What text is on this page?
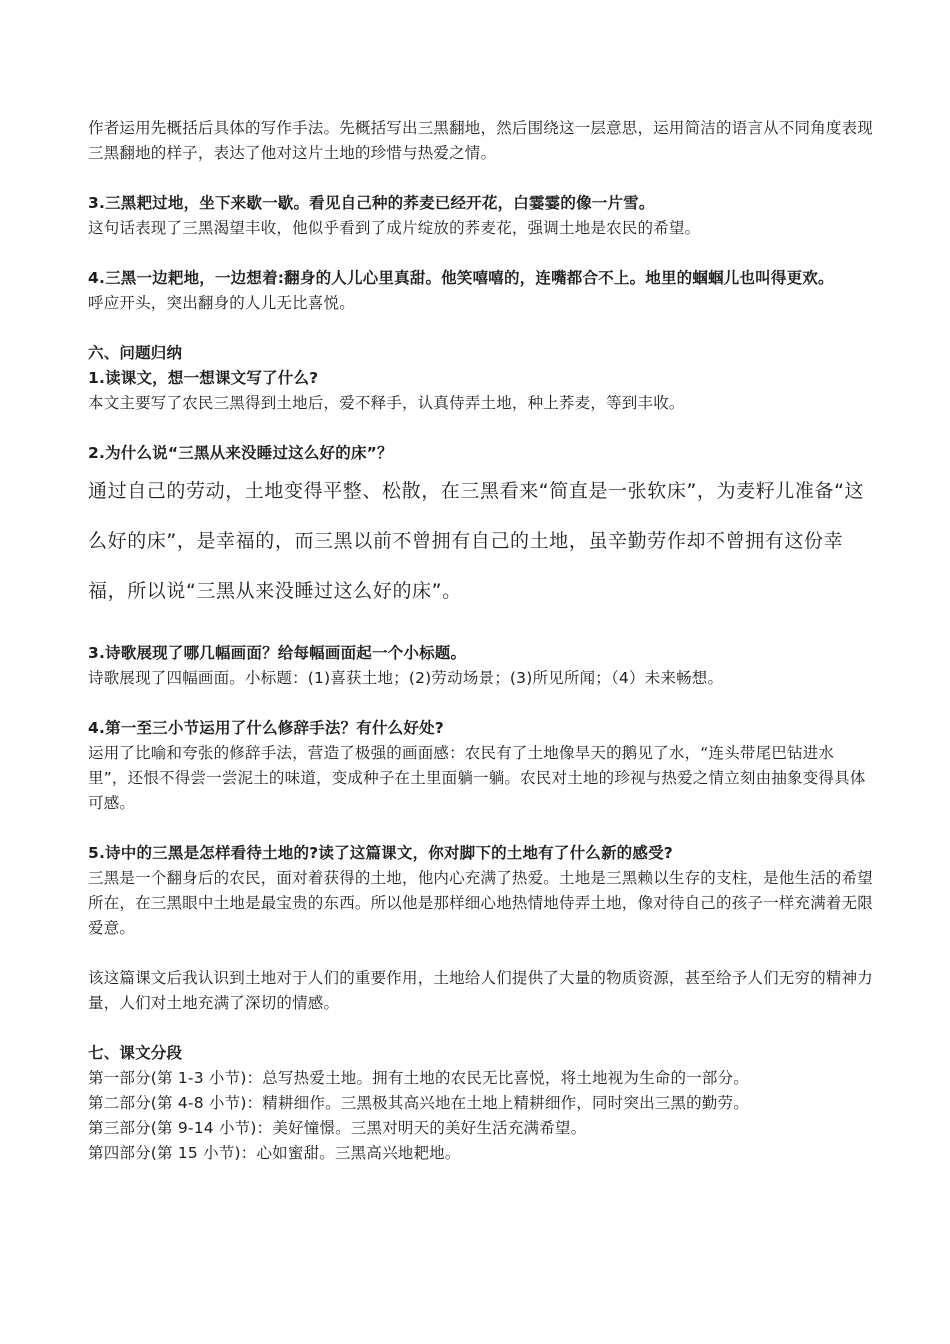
作者运用先概括后具体的写作手法。先概括写出三黑翻地，然后围绕这一层意思，运用简洁的语言从不同角度表现三黑翻地的样子，表达了他对这片土地的珍惜与热爱之情。

3.三黑耙过地，坐下来歇一歇。看见自己种的荞麦已经开花，白霎霎的像一片雪。

这句话表现了三黑渴望丰收，他似乎看到了成片绽放的荞麦花，强调土地是农民的希望。

4.三黑一边耙地，一边想着:翻身的人儿心里真甜。他笑嘻嘻的，连嘴都合不上。地里的蝈蝈儿也叫得更欢。

呼应开头，突出翻身的人儿无比喜悦。

六、问题归纳

1.读课文，想一想课文写了什么?

本文主要写了农民三黑得到土地后，爱不释手，认真侍弄土地，种上荞麦，等到丰收。

2.为什么说“三黑从来没睡过这么好的床”？

通过自己的劳动，土地变得平整、松散，在三黑看来“简直是一张软床”，为麦籽儿准备“这么好的床”，是幸福的，而三黑以前不曾拥有自己的土地，虽辛勤劳作却不曾拥有这份幸福，所以说“三黑从来没睡过这么好的床”。

3.诗歌展现了哪几幅画面？给每幅画面起一个小标题。

诗歌展现了四幅画面。小标题：(1)喜获土地；(2)劳动场景；(3)所见所闻；（4）未来畅想。

4.第一至三小节运用了什么修辞手法？有什么好处?

运用了比喻和夸张的修辞手法，营造了极强的画面感：农民有了土地像旱天的鹅见了水，“连头带尾巴钻进水里”，还恨不得尝一尝泥土的味道，变成种子在土里面躺一躺。农民对土地的珍视与热爱之情立刻由抽象变得具体可感。

5.诗中的三黑是怎样看待土地的?读了这篇课文，你对脚下的土地有了什么新的感受?

三黑是一个翻身后的农民，面对着获得的土地，他内心充满了热爱。土地是三黑赖以生存的支柱，是他生活的希望所在，在三黑眼中土地是最宝贵的东西。所以他是那样细心地热情地侍弄土地，像对待自己的孩子一样充满着无限爱意。

该这篇课文后我认识到土地对于人们的重要作用，土地给人们提供了大量的物质资源，甚至给予人们无穷的精神力量，人们对土地充满了深切的情感。

七、课文分段

第一部分(第 1-3 小节)：总写热爱土地。拥有土地的农民无比喜悦，将土地视为生命的一部分。

第二部分(第 4-8 小节)：精耕细作。三黑极其高兴地在土地上精耕细作，同时突出三黑的勤劳。

第三部分(第 9-14 小节)：美好憧憬。三黑对明天的美好生活充满希望。

第四部分(第 15 小节)：心如蜜甜。三黑高兴地耙地。
